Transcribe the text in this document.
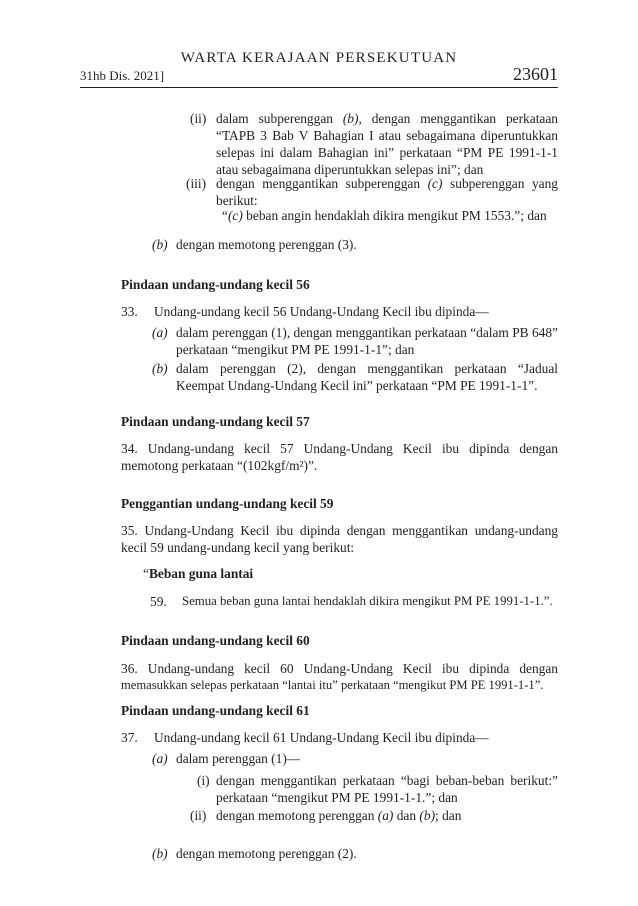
WARTA KERAJAAN PERSEKUTUAN
31hb Dis. 2021]	23601
(ii) dalam subperenggan (b), dengan menggantikan perkataan “TAPB 3 Bab V Bahagian I atau sebagaimana diperuntukkan selepas ini dalam Bahagian ini” perkataan “PM PE 1991-1-1 atau sebagaimana diperuntukkan selepas ini”; dan
(iii) dengan menggantikan subperenggan (c) subperenggan yang berikut:
“(c) beban angin hendaklah dikira mengikut PM 1553.”; dan
(b) dengan memotong perenggan (3).
Pindaan undang-undang kecil 56
33. Undang-undang kecil 56 Undang-Undang Kecil ibu dipinda—
(a) dalam perenggan (1), dengan menggantikan perkataan “dalam PB 648” perkataan “mengikut PM PE 1991-1-1”; dan
(b) dalam perenggan (2), dengan menggantikan perkataan “Jadual Keempat Undang-Undang Kecil ini” perkataan “PM PE 1991-1-1”.
Pindaan undang-undang kecil 57
34. Undang-undang kecil 57 Undang-Undang Kecil ibu dipinda dengan
memotong perkataan “(102kgf/m²)”.
Penggantian undang-undang kecil 59
35. Undang-Undang Kecil ibu dipinda dengan menggantikan undang-undang
kecil 59 undang-undang kecil yang berikut:
“Beban guna lantai
59. Semua beban guna lantai hendaklah dikira mengikut PM PE 1991-1-1.”.
Pindaan undang-undang kecil 60
36. Undang-undang kecil 60 Undang-Undang Kecil ibu dipinda dengan
memasukkan selepas perkataan “lantai itu” perkataan “mengikut PM PE 1991-1-1”.
Pindaan undang-undang kecil 61
37. Undang-undang kecil 61 Undang-Undang Kecil ibu dipinda—
(a) dalam perenggan (1)—
(i) dengan menggantikan perkataan “bagi beban-beban berikut:” perkataan “mengikut PM PE 1991-1-1.”; dan
(ii) dengan memotong perenggan (a) dan (b); dan
(b) dengan memotong perenggan (2).
